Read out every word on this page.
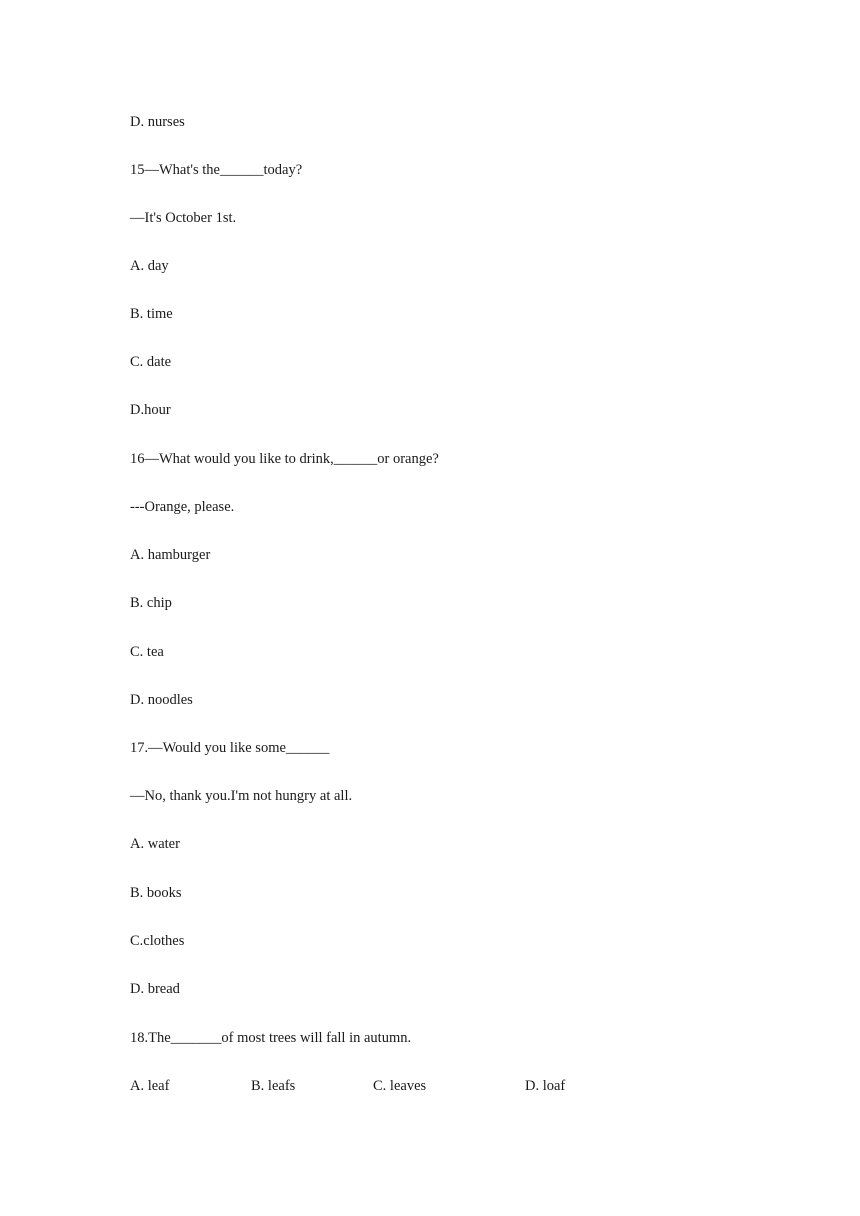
D. nurses
15—What's the______today?
—It's October 1st.
A. day
B. time
C. date
D.hour
16—What would you like to drink,______or orange?
---Orange, please.
A. hamburger
B. chip
C. tea
D. noodles
17.—Would you like some______
—No, thank you.I'm not hungry at all.
A. water
B. books
C.clothes
D. bread
18.The_______of most trees will fall in autumn.
A. leaf	B. leafs	C. leaves	D. loaf
